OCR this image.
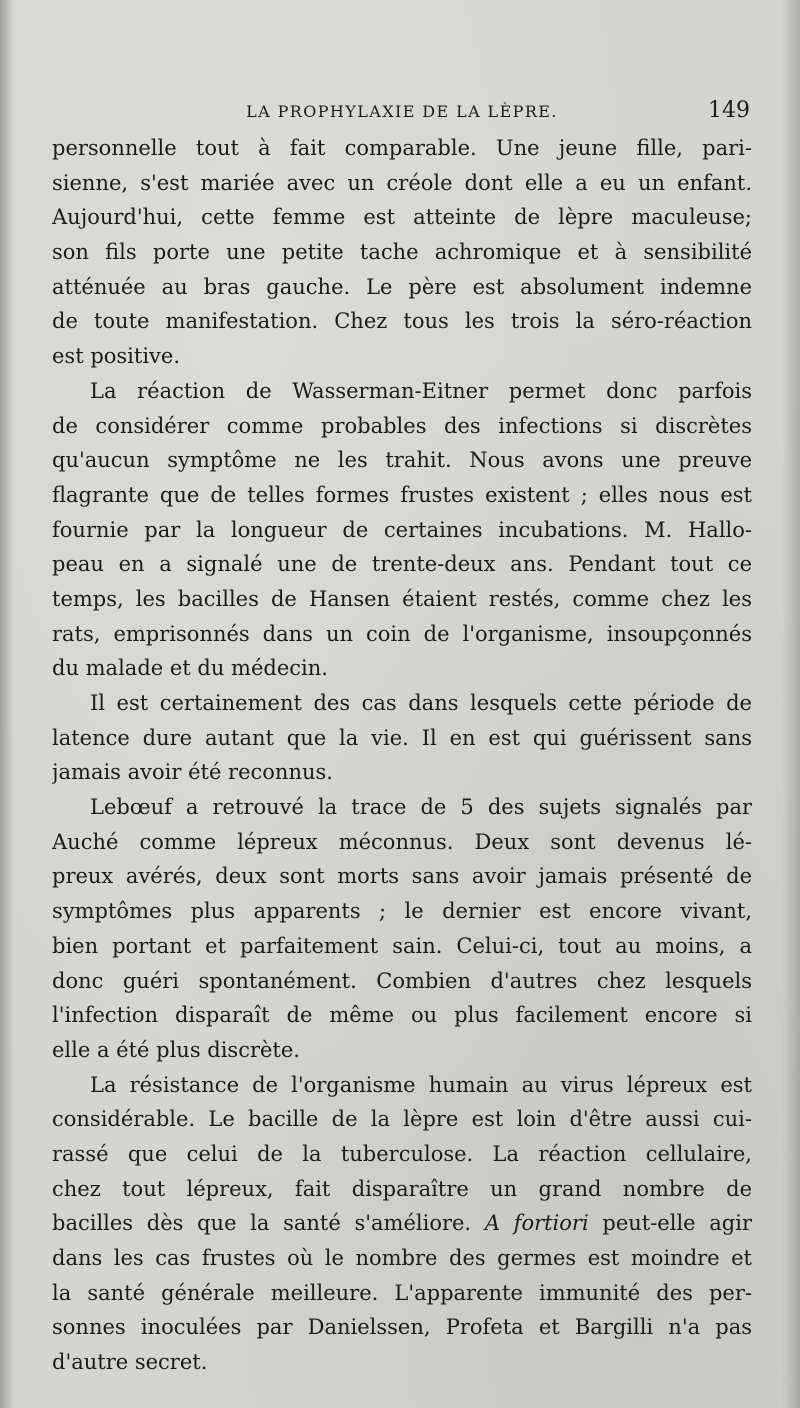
LA PROPHYLAXIE DE LA LÈPRE.	149
personnelle tout à fait comparable. Une jeune fille, pari-
sienne, s'est mariée avec un créole dont elle a eu un enfant.
Aujourd'hui, cette femme est atteinte de lèpre maculeuse;
son fils porte une petite tache achromique et à sensibilité
atténuée au bras gauche. Le père est absolument indemne
de toute manifestation. Chez tous les trois la séro-réaction
est positive.
La réaction de Wasserman-Eitner permet donc parfois
de considérer comme probables des infections si discrètes
qu'aucun symptôme ne les trahit. Nous avons une preuve
flagrante que de telles formes frustes existent ; elles nous est
fournie par la longueur de certaines incubations. M. Hallo-
peau en a signalé une de trente-deux ans. Pendant tout ce
temps, les bacilles de Hansen étaient restés, comme chez les
rats, emprisonnés dans un coin de l'organisme, insoupçonnés
du malade et du médecin.
Il est certainement des cas dans lesquels cette période de
latence dure autant que la vie. Il en est qui guérissent sans
jamais avoir été reconnus.
Lebœuf a retrouvé la trace de 5 des sujets signalés par
Auché comme lépreux méconnus. Deux sont devenus lé-
preux avérés, deux sont morts sans avoir jamais présenté de
symptômes plus apparents ; le dernier est encore vivant,
bien portant et parfaitement sain. Celui-ci, tout au moins, a
donc guéri spontanément. Combien d'autres chez lesquels
l'infection disparaît de même ou plus facilement encore si
elle a été plus discrète.
La résistance de l'organisme humain au virus lépreux est
considérable. Le bacille de la lèpre est loin d'être aussi cui-
rassé que celui de la tuberculose. La réaction cellulaire,
chez tout lépreux, fait disparaître un grand nombre de
bacilles dès que la santé s'améliore. A fortiori peut-elle agir
dans les cas frustes où le nombre des germes est moindre et
la santé générale meilleure. L'apparente immunité des per-
sonnes inoculées par Danielssen, Profeta et Bargilli n'a pas
d'autre secret.
